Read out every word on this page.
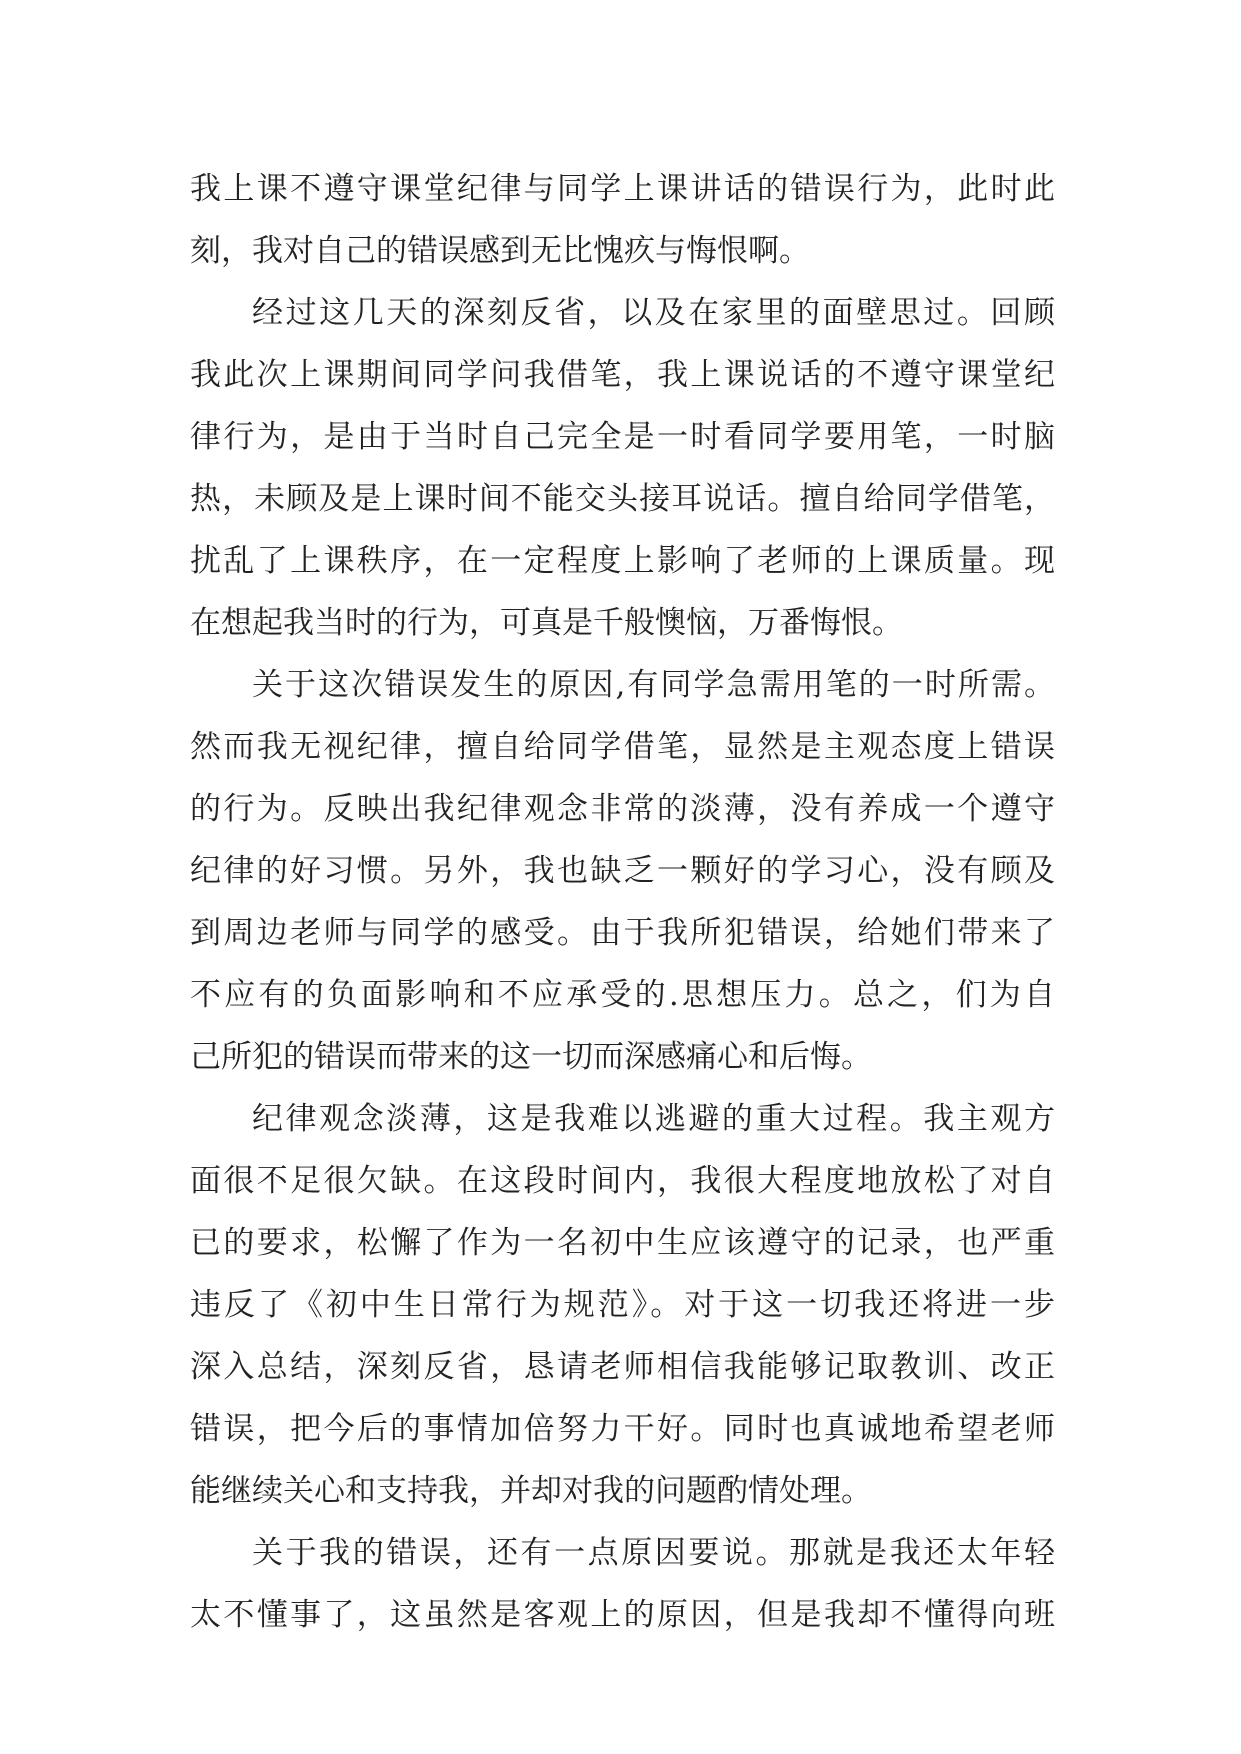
我上课不遵守课堂纪律与同学上课讲话的错误行为，此时此
刻，我对自己的错误感到无比愧疚与悔恨啊。
经过这几天的深刻反省，以及在家里的面壁思过。回顾
我此次上课期间同学问我借笔，我上课说话的不遵守课堂纪
律行为，是由于当时自己完全是一时看同学要用笔，一时脑
热，未顾及是上课时间不能交头接耳说话。擅自给同学借笔，
扰乱了上课秩序，在一定程度上影响了老师的上课质量。现
在想起我当时的行为，可真是千般懊恼，万番悔恨。
关于这次错误发生的原因,有同学急需用笔的一时所需。
然而我无视纪律，擅自给同学借笔，显然是主观态度上错误
的行为。反映出我纪律观念非常的淡薄，没有养成一个遵守
纪律的好习惯。另外，我也缺乏一颗好的学习心，没有顾及
到周边老师与同学的感受。由于我所犯错误，给她们带来了
不应有的负面影响和不应承受的.思想压力。总之，们为自
己所犯的错误而带来的这一切而深感痛心和后悔。
纪律观念淡薄，这是我难以逃避的重大过程。我主观方
面很不足很欠缺。在这段时间内，我很大程度地放松了对自
已的要求，松懈了作为一名初中生应该遵守的记录，也严重
违反了《初中生日常行为规范》。对于这一切我还将进一步
深入总结，深刻反省，恳请老师相信我能够记取教训、改正
错误，把今后的事情加倍努力干好。同时也真诚地希望老师
能继续关心和支持我，并却对我的问题酌情处理。
关于我的错误，还有一点原因要说。那就是我还太年轻
太不懂事了，这虽然是客观上的原因，但是我却不懂得向班
